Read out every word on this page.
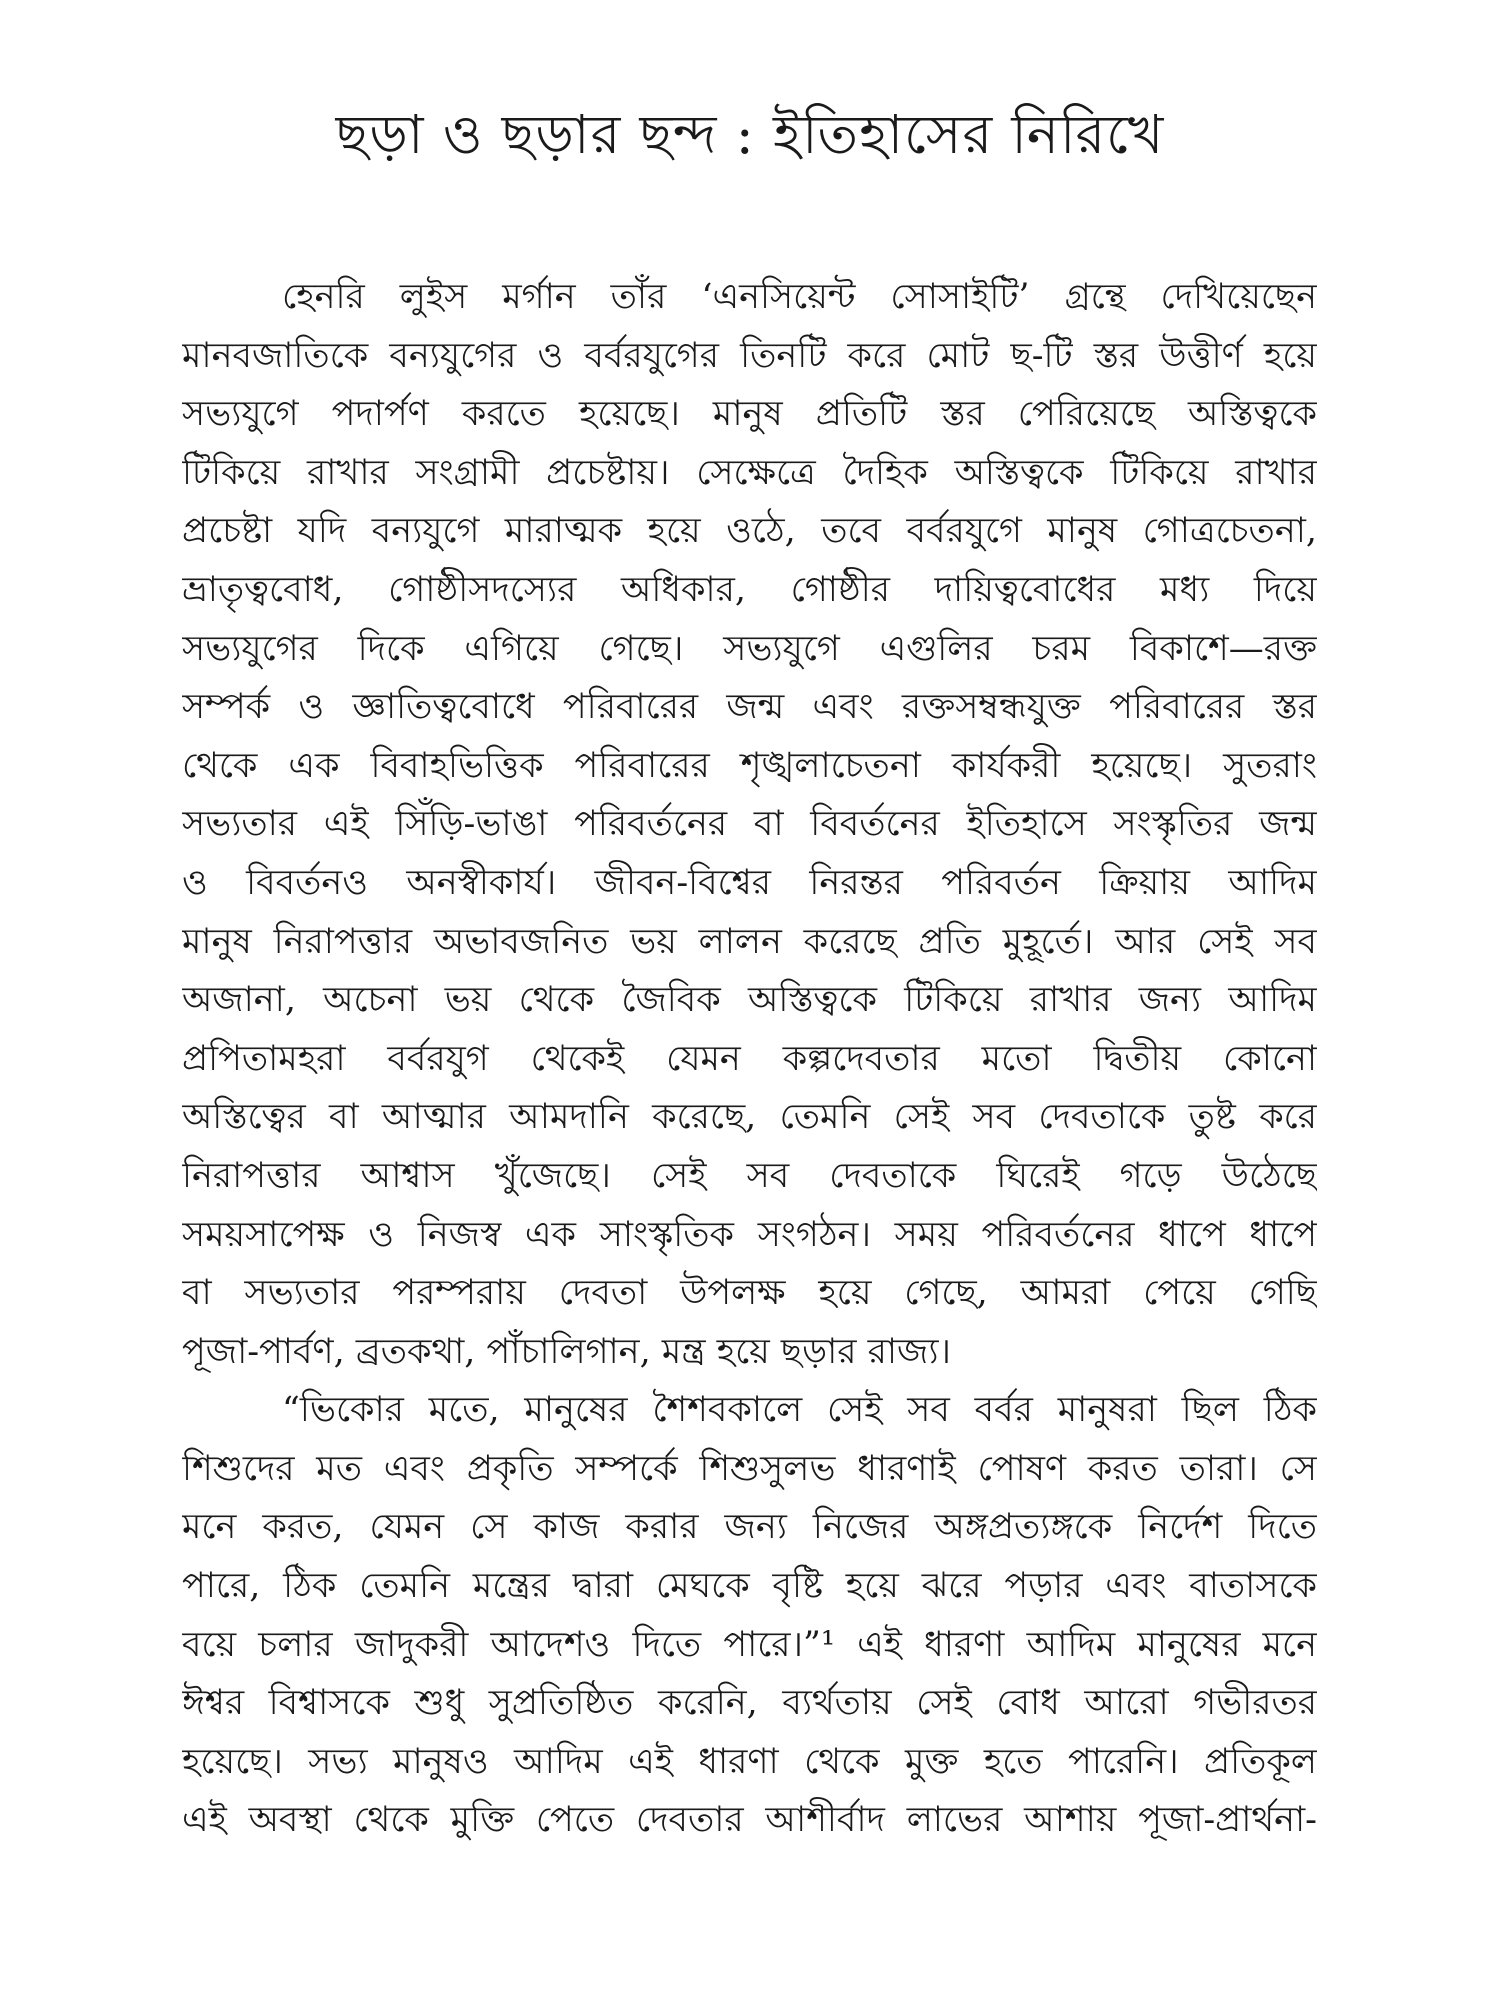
ছড়া ও ছড়ার ছন্দ : ইতিহাসের নিরিখে
হেনরি লুইস মর্গান তাঁর ‘এনসিয়েন্ট সোসাইটি’ গ্রন্থে দেখিয়েছেন
মানবজাতিকে বন্যযুগের ও বর্বরযুগের তিনটি করে মোট ছ-টি স্তর উত্তীর্ণ হয়ে
সভ্যযুগে পদার্পণ করতে হয়েছে। মানুষ প্রতিটি স্তর পেরিয়েছে অস্তিত্বকে
টিকিয়ে রাখার সংগ্রামী প্রচেষ্টায়। সেক্ষেত্রে দৈহিক অস্তিত্বকে টিকিয়ে রাখার
প্রচেষ্টা যদি বন্যযুগে মারাত্মক হয়ে ওঠে, তবে বর্বরযুগে মানুষ গোত্রচেতনা,
ভ্রাতৃত্ববোধ, গোষ্ঠীসদস্যের অধিকার, গোষ্ঠীর দায়িত্ববোধের মধ্য দিয়ে
সভ্যযুগের দিকে এগিয়ে গেছে। সভ্যযুগে এগুলির চরম বিকাশে—রক্ত
সম্পর্ক ও জ্ঞাতিত্ববোধে পরিবারের জন্ম এবং রক্তসম্বন্ধযুক্ত পরিবারের স্তর
থেকে এক বিবাহভিত্তিক পরিবারের শৃঙ্খলাচেতনা কার্যকরী হয়েছে। সুতরাং
সভ্যতার এই সিঁড়ি-ভাঙা পরিবর্তনের বা বিবর্তনের ইতিহাসে সংস্কৃতির জন্ম
ও বিবর্তনও অনস্বীকার্য। জীবন-বিশ্বের নিরন্তর পরিবর্তন ক্রিয়ায় আদিম
মানুষ নিরাপত্তার অভাবজনিত ভয় লালন করেছে প্রতি মুহূর্তে। আর সেই সব
অজানা, অচেনা ভয় থেকে জৈবিক অস্তিত্বকে টিকিয়ে রাখার জন্য আদিম
প্রপিতামহরা বর্বরযুগ থেকেই যেমন কল্পদেবতার মতো দ্বিতীয় কোনো
অস্তিত্বের বা আত্মার আমদানি করেছে, তেমনি সেই সব দেবতাকে তুষ্ট করে
নিরাপত্তার আশ্বাস খুঁজেছে। সেই সব দেবতাকে ঘিরেই গড়ে উঠেছে
সময়সাপেক্ষ ও নিজস্ব এক সাংস্কৃতিক সংগঠন। সময় পরিবর্তনের ধাপে ধাপে
বা সভ্যতার পরম্পরায় দেবতা উপলক্ষ হয়ে গেছে, আমরা পেয়ে গেছি
পূজা-পার্বণ, ব্রতকথা, পাঁচালিগান, মন্ত্র হয়ে ছড়ার রাজ্য।
“ভিকোর মতে, মানুষের শৈশবকালে সেই সব বর্বর মানুষরা ছিল ঠিক
শিশুদের মত এবং প্রকৃতি সম্পর্কে শিশুসুলভ ধারণাই পোষণ করত তারা। সে
মনে করত, যেমন সে কাজ করার জন্য নিজের অঙ্গপ্রত্যঙ্গকে নির্দেশ দিতে
পারে, ঠিক তেমনি মন্ত্রের দ্বারা মেঘকে বৃষ্টি হয়ে ঝরে পড়ার এবং বাতাসকে
বয়ে চলার জাদুকরী আদেশও দিতে পারে।”¹ এই ধারণা আদিম মানুষের মনে
ঈশ্বর বিশ্বাসকে শুধু সুপ্রতিষ্ঠিত করেনি, ব্যর্থতায় সেই বোধ আরো গভীরতর
হয়েছে। সভ্য মানুষও আদিম এই ধারণা থেকে মুক্ত হতে পারেনি। প্রতিকূল
এই অবস্থা থেকে মুক্তি পেতে দেবতার আশীর্বাদ লাভের আশায় পূজা-প্রার্থনা-
